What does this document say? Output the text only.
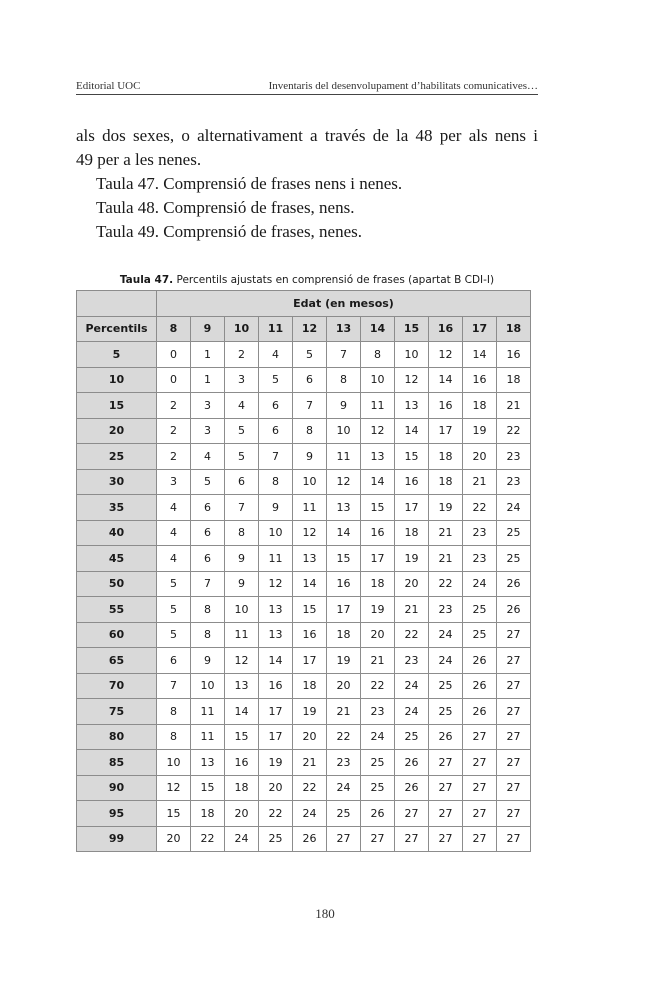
Editorial UOC	Inventaris del desenvolupament d’habilitats comunicatives…

als dos sexes, o alternativament a través de la 48 per als nens i

49 per a les nenes.

Taula 47. Comprensió de frases nens i nenes.

Taula 48. Comprensió de frases, nens.

Taula 49. Comprensió de frases, nenes.

Taula 47. Percentils ajustats en comprensió de frases (apartat B CDI-I)
	Edat (en mesos)										
Percentils	8	9	10	11	12	13	14	15	16	17	18
5	0	1	2	4	5	7	8	10	12	14	16
10	0	1	3	5	6	8	10	12	14	16	18
15	2	3	4	6	7	9	11	13	16	18	21
20	2	3	5	6	8	10	12	14	17	19	22
25	2	4	5	7	9	11	13	15	18	20	23
30	3	5	6	8	10	12	14	16	18	21	23
35	4	6	7	9	11	13	15	17	19	22	24
40	4	6	8	10	12	14	16	18	21	23	25
45	4	6	9	11	13	15	17	19	21	23	25
50	5	7	9	12	14	16	18	20	22	24	26
55	5	8	10	13	15	17	19	21	23	25	26
60	5	8	11	13	16	18	20	22	24	25	27
65	6	9	12	14	17	19	21	23	24	26	27
70	7	10	13	16	18	20	22	24	25	26	27
75	8	11	14	17	19	21	23	24	25	26	27
80	8	11	15	17	20	22	24	25	26	27	27
85	10	13	16	19	21	23	25	26	27	27	27
90	12	15	18	20	22	24	25	26	27	27	27
95	15	18	20	22	24	25	26	27	27	27	27
99	20	22	24	25	26	27	27	27	27	27	27
180
